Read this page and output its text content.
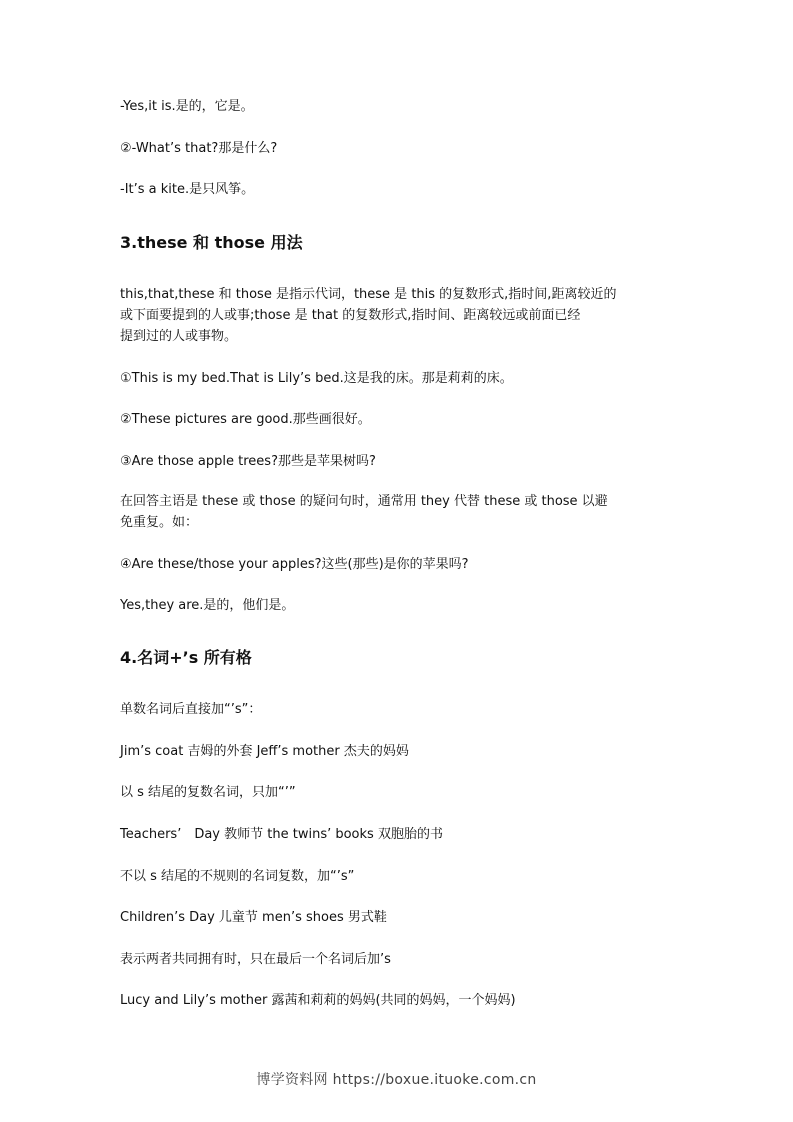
-Yes,it is.是的，它是。
②-What’s that?那是什么?
-It’s a kite.是只风筝。
3.these 和 those 用法
this,that,these 和 those 是指示代词，these 是 this 的复数形式,指时间,距离较近的
或下面要提到的人或事;those 是 that 的复数形式,指时间、距离较远或前面已经
提到过的人或事物。
①This is my bed.That is Lily’s bed.这是我的床。那是莉莉的床。
②These pictures are good.那些画很好。
③Are those apple trees?那些是苹果树吗?
在回答主语是 these 或 those 的疑问句时，通常用 they 代替 these 或 those 以避
免重复。如：
④Are these/those your apples?这些(那些)是你的苹果吗?
Yes,they are.是的，他们是。
4.名词+’s 所有格
单数名词后直接加“’s”：
Jim’s coat 吉姆的外套 Jeff’s mother 杰夫的妈妈
以 s 结尾的复数名词，只加“’”
Teachers’　Day 教师节 the twins’ books 双胞胎的书
不以 s 结尾的不规则的名词复数，加“’s”
Children’s Day 儿童节 men’s shoes 男式鞋
表示两者共同拥有时，只在最后一个名词后加’s
Lucy and Lily’s mother 露茜和莉莉的妈妈(共同的妈妈，一个妈妈)
博学资料网 https://boxue.ituoke.com.cn
